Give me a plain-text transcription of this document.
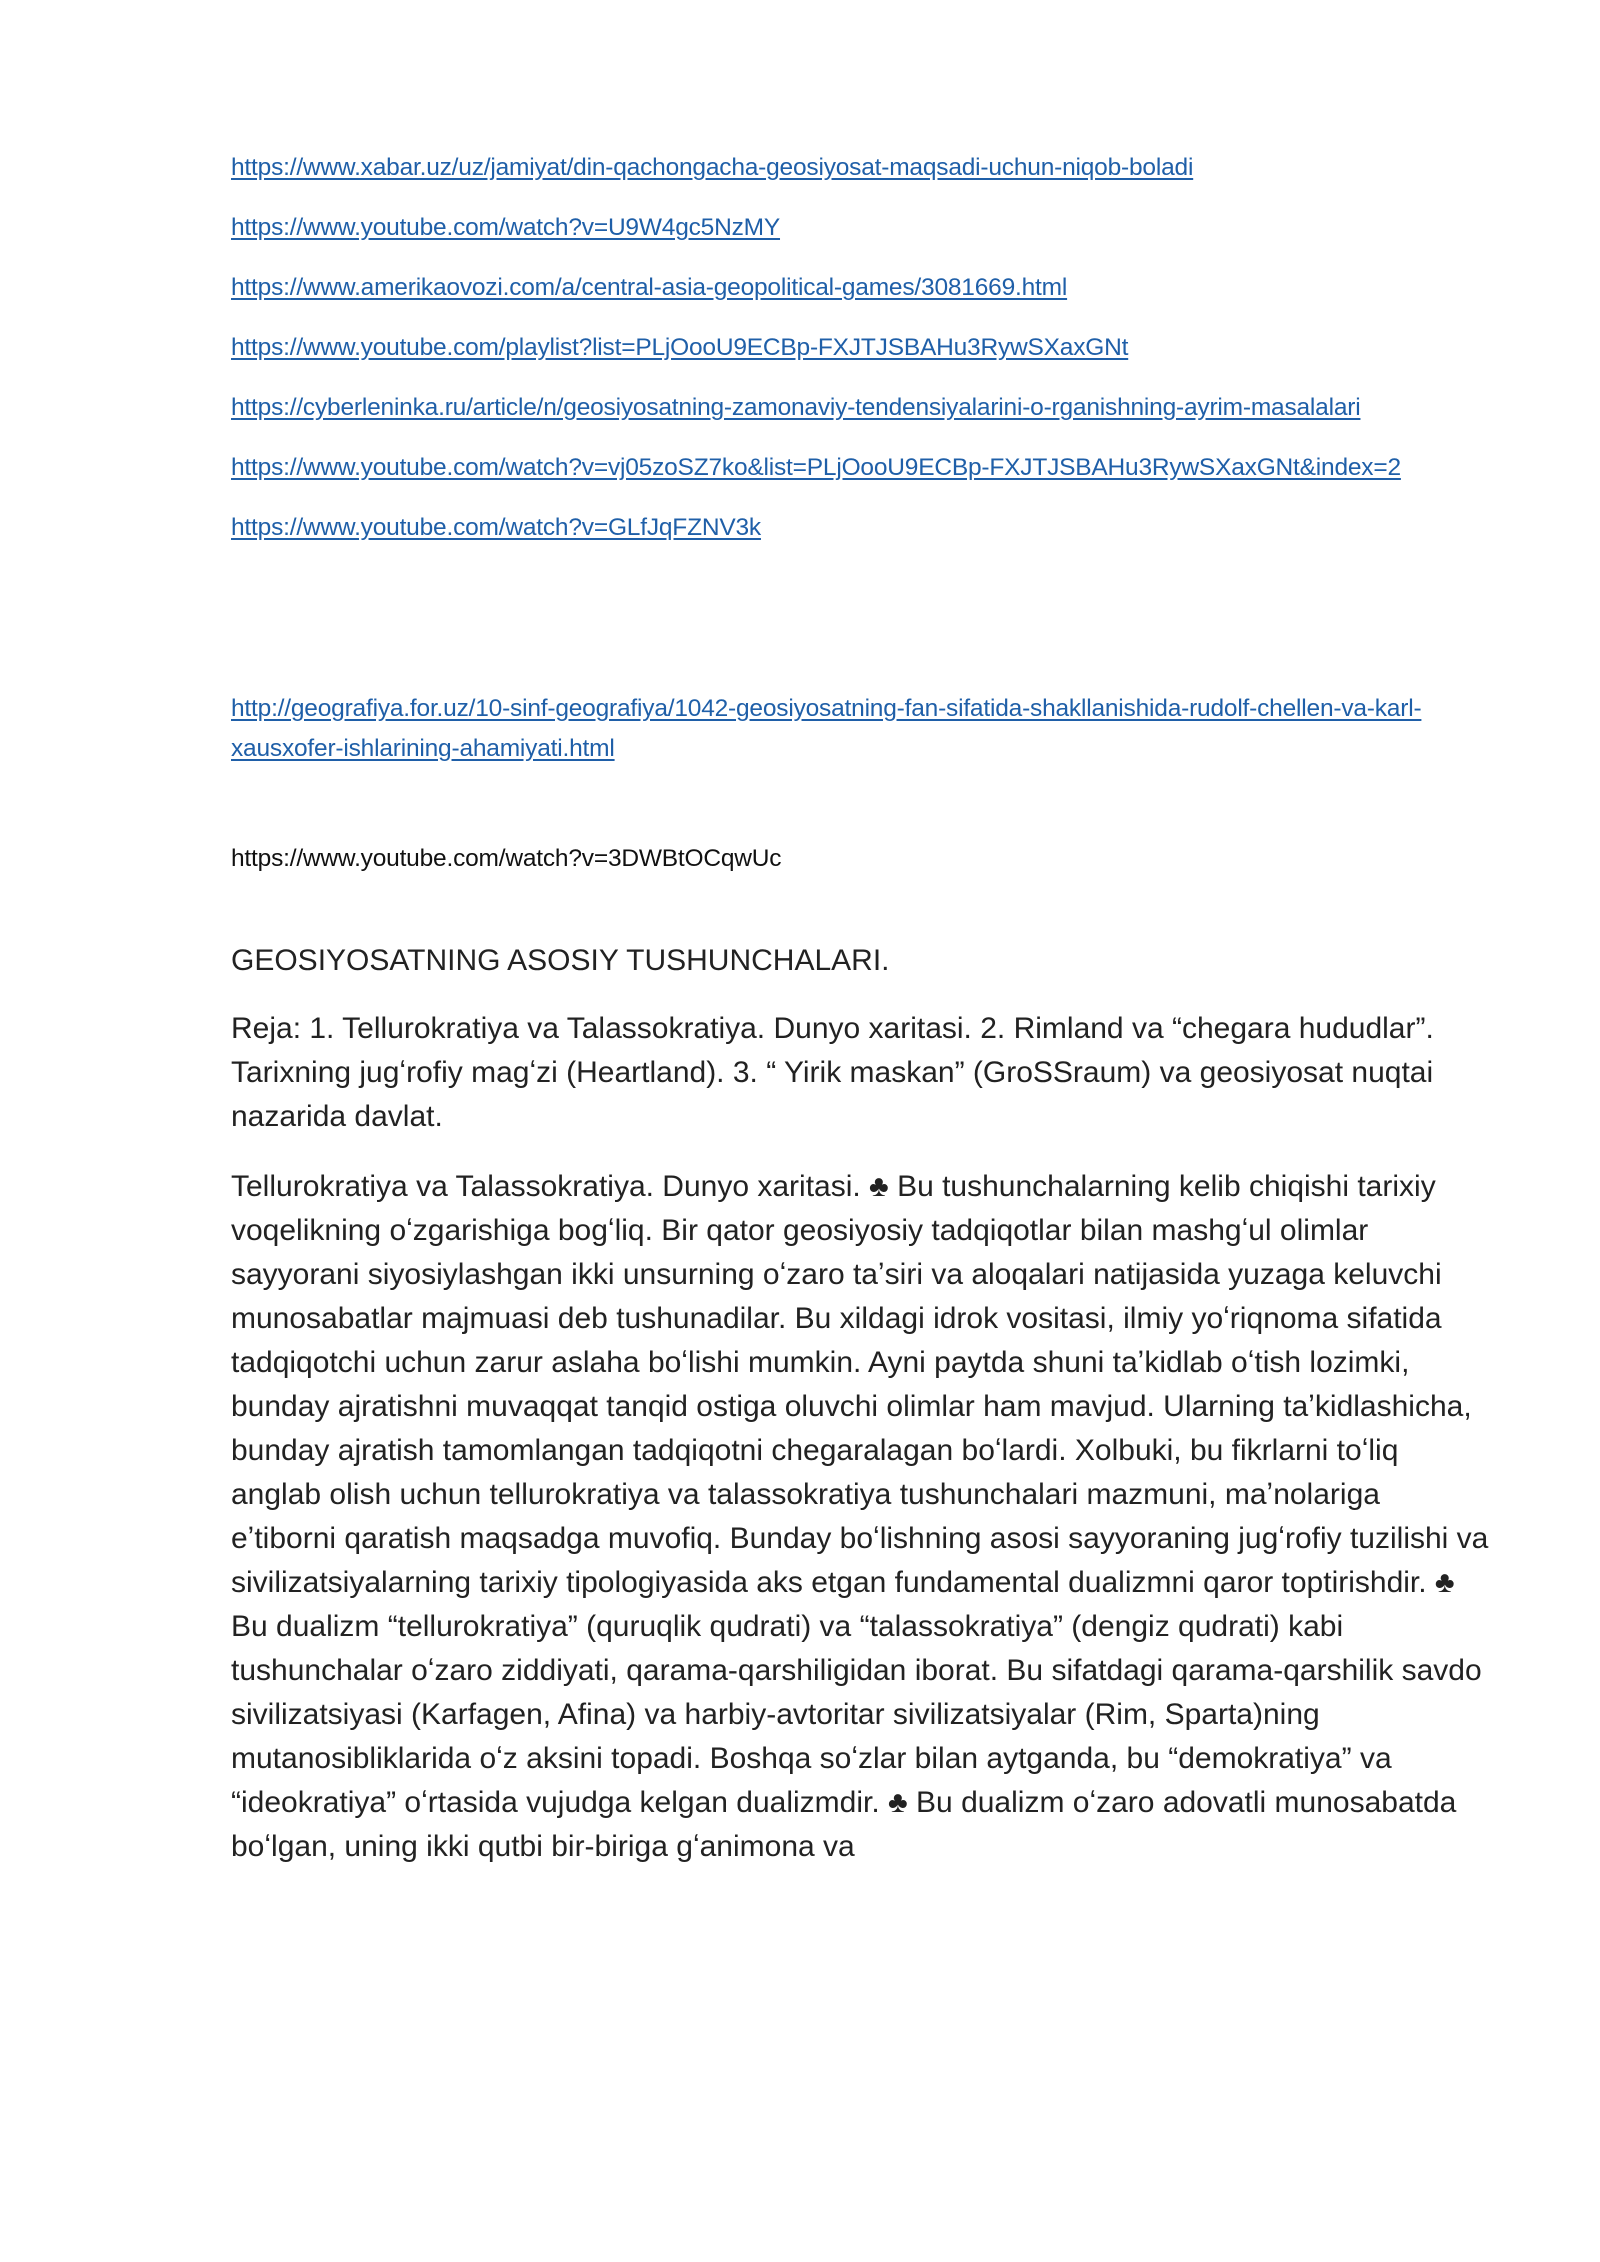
https://www.xabar.uz/uz/jamiyat/din-qachongacha-geosiyosat-maqsadi-uchun-niqob-boladi
https://www.youtube.com/watch?v=U9W4gc5NzMY
https://www.amerikaovozi.com/a/central-asia-geopolitical-games/3081669.html
https://www.youtube.com/playlist?list=PLjOooU9ECBp-FXJTJSBAHu3RywSXaxGNt
https://cyberleninka.ru/article/n/geosiyosatning-zamonaviy-tendensiyalarini-o-rganishning-ayrim-masalalari
https://www.youtube.com/watch?v=vj05zoSZ7ko&list=PLjOooU9ECBp-FXJTJSBAHu3RywSXaxGNt&index=2
https://www.youtube.com/watch?v=GLfJqFZNV3k
http://geografiya.for.uz/10-sinf-geografiya/1042-geosiyosatning-fan-sifatida-shakllanishida-rudolf-chellen-va-karl-xausxofer-ishlarining-ahamiyati.html

https://www.youtube.com/watch?v=3DWBtOCqwUc

GEOSIYOSATNING ASOSIY TUSHUNCHALARI.

Reja: 1. Tellurokratiya va Talassokratiya. Dunyo xaritasi. 2. Rimland va “chegara hududlar”. Tarixning jugʻrofiy magʻzi (Heartland). 3. “ Yirik maskan” (GroSSraum) va geosiyosat nuqtai nazarida davlat.

Tellurokratiya va Talassokratiya. Dunyo xaritasi. ♣ Bu tushunchalarning kelib chiqishi tarixiy voqelikning oʻzgarishiga bogʻliq. Bir qator geosiyosiy tadqiqotlar bilan mashgʻul olimlar sayyorani siyosiylashgan ikki unsurning oʻzaro taʼsiri va aloqalari natijasida yuzaga keluvchi munosabatlar majmuasi deb tushunadilar. Bu xildagi idrok vositasi, ilmiy yoʻriqnoma sifatida tadqiqotchi uchun zarur aslaha boʻlishi mumkin. Ayni paytda shuni taʼkidlab oʻtish lozimki, bunday ajratishni muvaqqat tanqid ostiga oluvchi olimlar ham mavjud. Ularning taʼkidlashicha, bunday ajratish tamomlangan tadqiqotni chegaralagan boʻlardi. Xolbuki, bu fikrlarni toʻliq anglab olish uchun tellurokratiya va talassokratiya tushunchalari mazmuni, maʼnolariga eʼtiborni qaratish maqsadga muvofiq. Bunday boʻlishning asosi sayyoraning jugʻrofiy tuzilishi va sivilizatsiyalarning tarixiy tipologiyasida aks etgan fundamental dualizmni qaror toptirishdir. ♣ Bu dualizm “tellurokratiya” (quruqlik qudrati) va “talassokratiya” (dengiz qudrati) kabi tushunchalar oʻzaro ziddiyati, qarama-qarshiligidan iborat. Bu sifatdagi qarama-qarshilik savdo sivilizatsiyasi (Karfagen, Afina) va harbiy-avtoritar sivilizatsiyalar (Rim, Sparta)ning mutanosibliklarida oʻz aksini topadi. Boshqa soʻzlar bilan aytganda, bu “demokratiya” va “ideokratiya” oʻrtasida vujudga kelgan dualizmdir. ♣ Bu dualizm oʻzaro adovatli munosabatda boʻlgan, uning ikki qutbi bir-biriga gʻanimona va
